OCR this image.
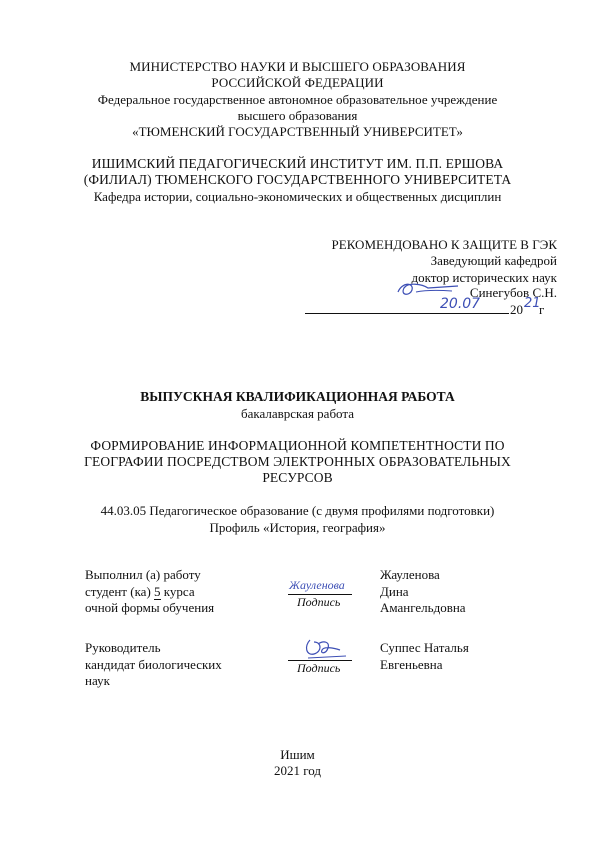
МИНИСТЕРСТВО НАУКИ И ВЫСШЕГО ОБРАЗОВАНИЯ
РОССИЙСКОЙ ФЕДЕРАЦИИ
Федеральное государственное автономное образовательное учреждение
высшего образования
«ТЮМЕНСКИЙ ГОСУДАРСТВЕННЫЙ УНИВЕРСИТЕТ»
ИШИМСКИЙ ПЕДАГОГИЧЕСКИЙ ИНСТИТУТ ИМ. П.П. ЕРШОВА
(ФИЛИАЛ) ТЮМЕНСКОГО ГОСУДАРСТВЕННОГО УНИВЕРСИТЕТА
Кафедра истории, социально-экономических и общественных дисциплин
РЕКОМЕНДОВАНО К ЗАЩИТЕ В ГЭК
Заведующий кафедрой
доктор исторических наук
Синегубов С.Н.
20.07 20 21
г
ВЫПУСКНАЯ КВАЛИФИКАЦИОННАЯ РАБОТА
бакалаврская работа
ФОРМИРОВАНИЕ ИНФОРМАЦИОННОЙ КОМПЕТЕНТНОСТИ ПО
ГЕОГРАФИИ ПОСРЕДСТВОМ ЭЛЕКТРОННЫХ ОБРАЗОВАТЕЛЬНЫХ
РЕСУРСОВ
44.03.05 Педагогическое образование (с двумя профилями подготовки)
Профиль «История, география»
Выполнил (а) работу
студент (ка) 5 курса
очной формы обучения
Жауленова
Подпись
Жауленова
Дина
Амангельдовна
Руководитель
кандидат биологических
наук
Подпись
Суппес Наталья
Евгеньевна
Ишим
2021 год
